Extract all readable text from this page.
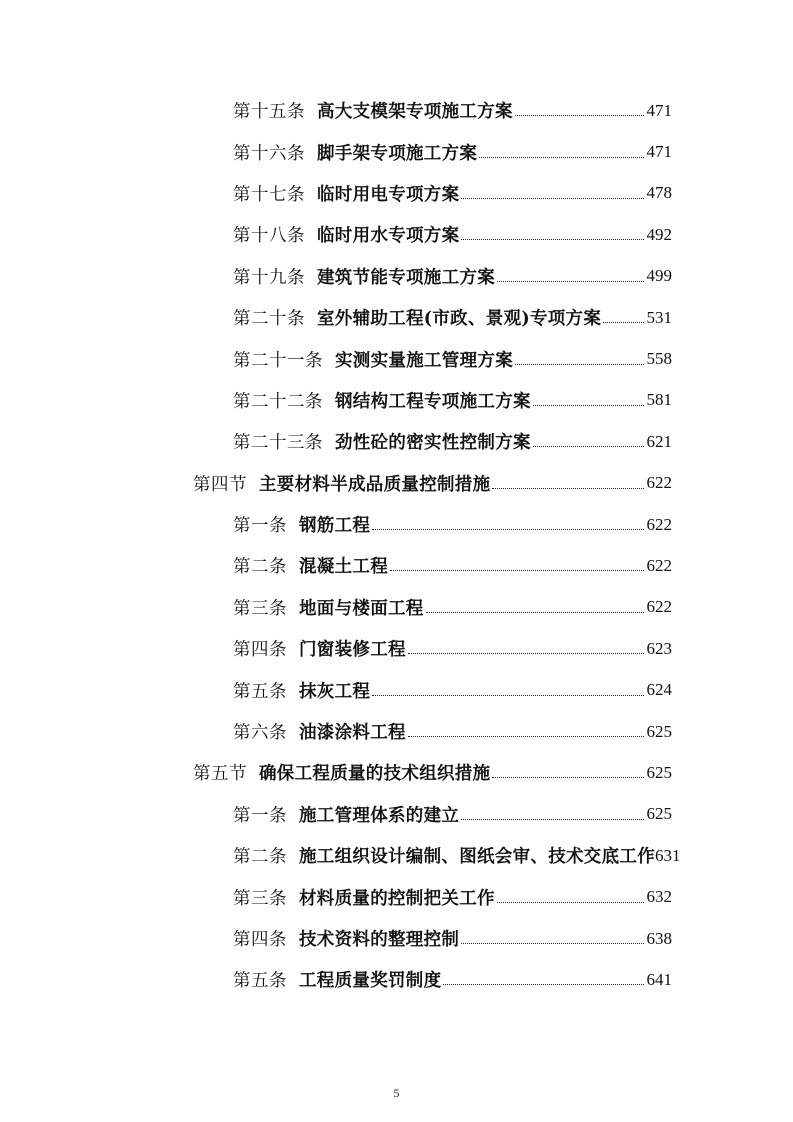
第十五条 高大支模架专项施工方案	471
第十六条 脚手架专项施工方案	471
第十七条 临时用电专项方案	478
第十八条 临时用水专项方案	492
第十九条 建筑节能专项施工方案	499
第二十条 室外辅助工程(市政、景观)专项方案	531
第二十一条 实测实量施工管理方案	558
第二十二条 钢结构工程专项施工方案	581
第二十三条 劲性砼的密实性控制方案	621
第四节 主要材料半成品质量控制措施	622
第一条 钢筋工程	622
第二条 混凝土工程	622
第三条 地面与楼面工程	622
第四条 门窗装修工程	623
第五条 抹灰工程	624
第六条 油漆涂料工程	625
第五节 确保工程质量的技术组织措施	625
第一条 施工管理体系的建立	625
第二条 施工组织设计编制、图纸会审、技术交底工作 631
第三条 材料质量的控制把关工作	632
第四条 技术资料的整理控制	638
第五条 工程质量奖罚制度	641
5
